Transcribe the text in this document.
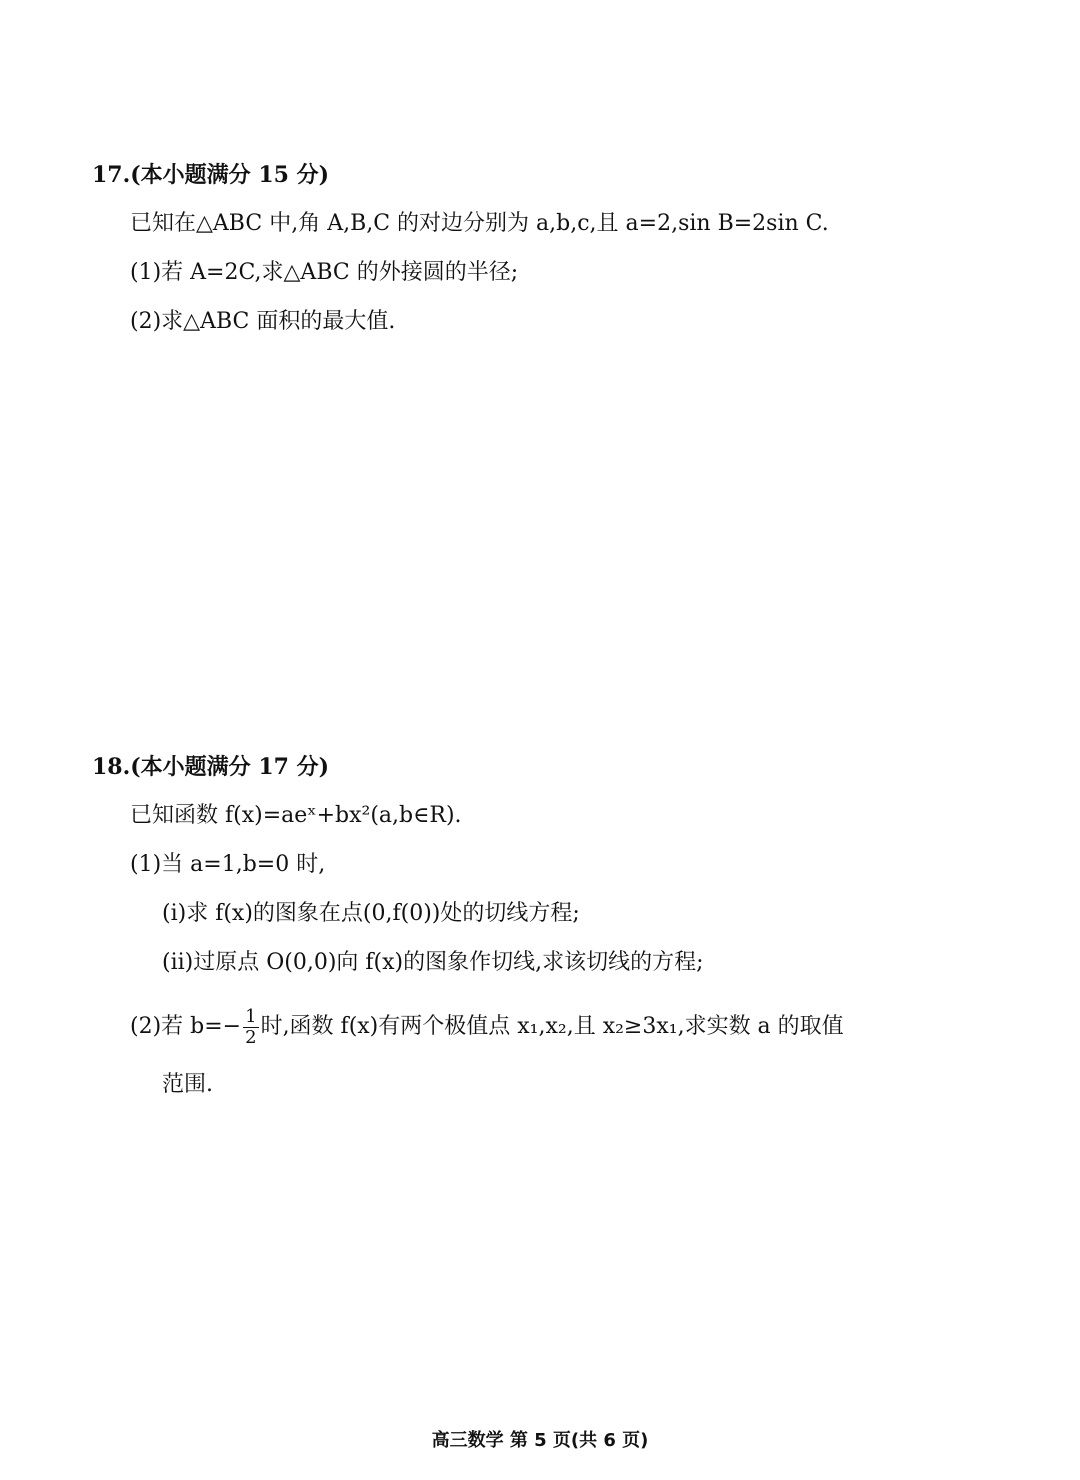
17.(本小题满分 15 分)
已知在△ABC 中,角 A,B,C 的对边分别为 a,b,c,且 a=2,sin B=2sin C.
(1)若 A=2C,求△ABC 的外接圆的半径;
(2)求△ABC 面积的最大值.
18.(本小题满分 17 分)
已知函数 f(x)=aeˣ+bx²(a,b∈R).
(1)当 a=1,b=0 时,
(ⅰ)求 f(x)的图象在点(0,f(0))处的切线方程;
(ⅱ)过原点 O(0,0)向 f(x)的图象作切线,求该切线的方程;
(2)若 $b=- \frac{1}{2}$ 时,函数 f(x)有两个极值点 x₁,x₂,且 x₂≥3x₁,求实数 a 的取值
范围.
高三数学 第 5 页(共 6 页)
